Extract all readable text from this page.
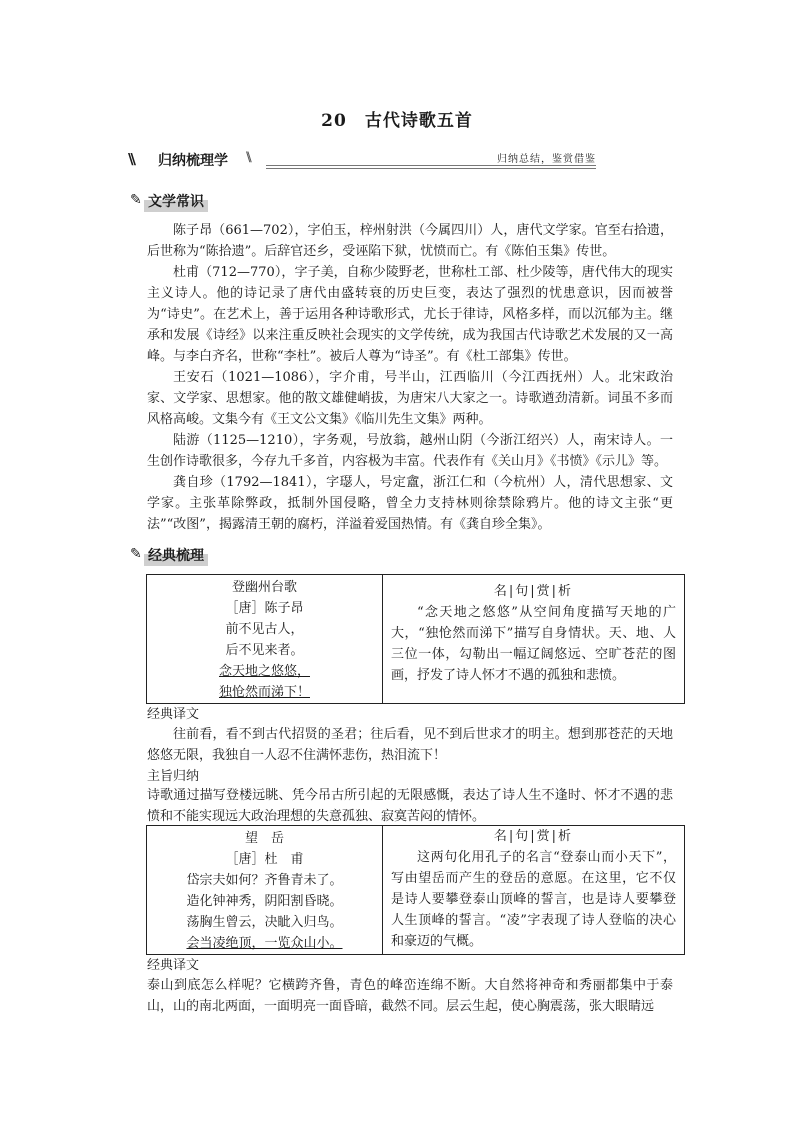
20　古代诗歌五首
\\ 归纳梳理学 \\	归纳总结，鉴赏借鉴
✎ 文学常识
陈子昂（661—702），字伯玉，梓州射洪（今属四川）人，唐代文学家。官至右拾遗，后世称为“陈拾遗”。后辞官还乡，受诬陷下狱，忧愤而亡。有《陈伯玉集》传世。
杜甫（712—770），字子美，自称少陵野老，世称杜工部、杜少陵等，唐代伟大的现实主义诗人。他的诗记录了唐代由盛转衰的历史巨变，表达了强烈的忧患意识，因而被誉为“诗史”。在艺术上，善于运用各种诗歌形式，尤长于律诗，风格多样，而以沉郁为主。继承和发展《诗经》以来注重反映社会现实的文学传统，成为我国古代诗歌艺术发展的又一高峰。与李白齐名，世称“李杜”。被后人尊为“诗圣”。有《杜工部集》传世。
王安石（1021—1086），字介甫，号半山，江西临川（今江西抚州）人。北宋政治家、文学家、思想家。他的散文雄健峭拔，为唐宋八大家之一。诗歌遒劲清新。词虽不多而风格高峻。文集今有《王文公文集》《临川先生文集》两种。
陆游（1125—1210），字务观，号放翁，越州山阴（今浙江绍兴）人，南宋诗人。一生创作诗歌很多，今存九千多首，内容极为丰富。代表作有《关山月》《书愤》《示儿》等。
龚自珍（1792—1841），字璱人，号定盦，浙江仁和（今杭州）人，清代思想家、文学家。主张革除弊政，抵制外国侵略，曾全力支持林则徐禁除鸦片。他的诗文主张“更法”“改图”，揭露清王朝的腐朽，洋溢着爱国热情。有《龚自珍全集》。
✎ 经典梳理
登幽州台歌
［唐］陈子昂
前不见古人，
后不见来者。
念天地之悠悠，
独怆然而涕下！

名|句|赏|析
“念天地之悠悠”从空间角度描写天地的广大，“独怆然而涕下”描写自身情状。天、地、人三位一体，勾勒出一幅辽阔悠远、空旷苍茫的图画，抒发了诗人怀才不遇的孤独和悲愤。
经典译文
往前看，看不到古代招贤的圣君；往后看，见不到后世求才的明主。想到那苍茫的天地悠悠无限，我独自一人忍不住满怀悲伤，热泪流下！
主旨归纳
诗歌通过描写登楼远眺、凭今吊古所引起的无限感慨，表达了诗人生不逢时、怀才不遇的悲愤和不能实现远大政治理想的失意孤独、寂寞苦闷的情怀。
望　岳
［唐］杜　甫
岱宗夫如何？齐鲁青未了。
造化钟神秀，阴阳割昏晓。
荡胸生曾云，决眦入归鸟。
会当凌绝顶，一览众山小。

名|句|赏|析
这两句化用孔子的名言“登泰山而小天下”，写由望岳而产生的登岳的意愿。在这里，它不仅是诗人要攀登泰山顶峰的誓言，也是诗人要攀登人生顶峰的誓言。“凌”字表现了诗人登临的决心和豪迈的气概。
经典译文
泰山到底怎么样呢？它横跨齐鲁，青色的峰峦连绵不断。大自然将神奇和秀丽都集中于泰山，山的南北两面，一面明亮一面昏暗，截然不同。层云生起，使心胸震荡，张大眼睛远
